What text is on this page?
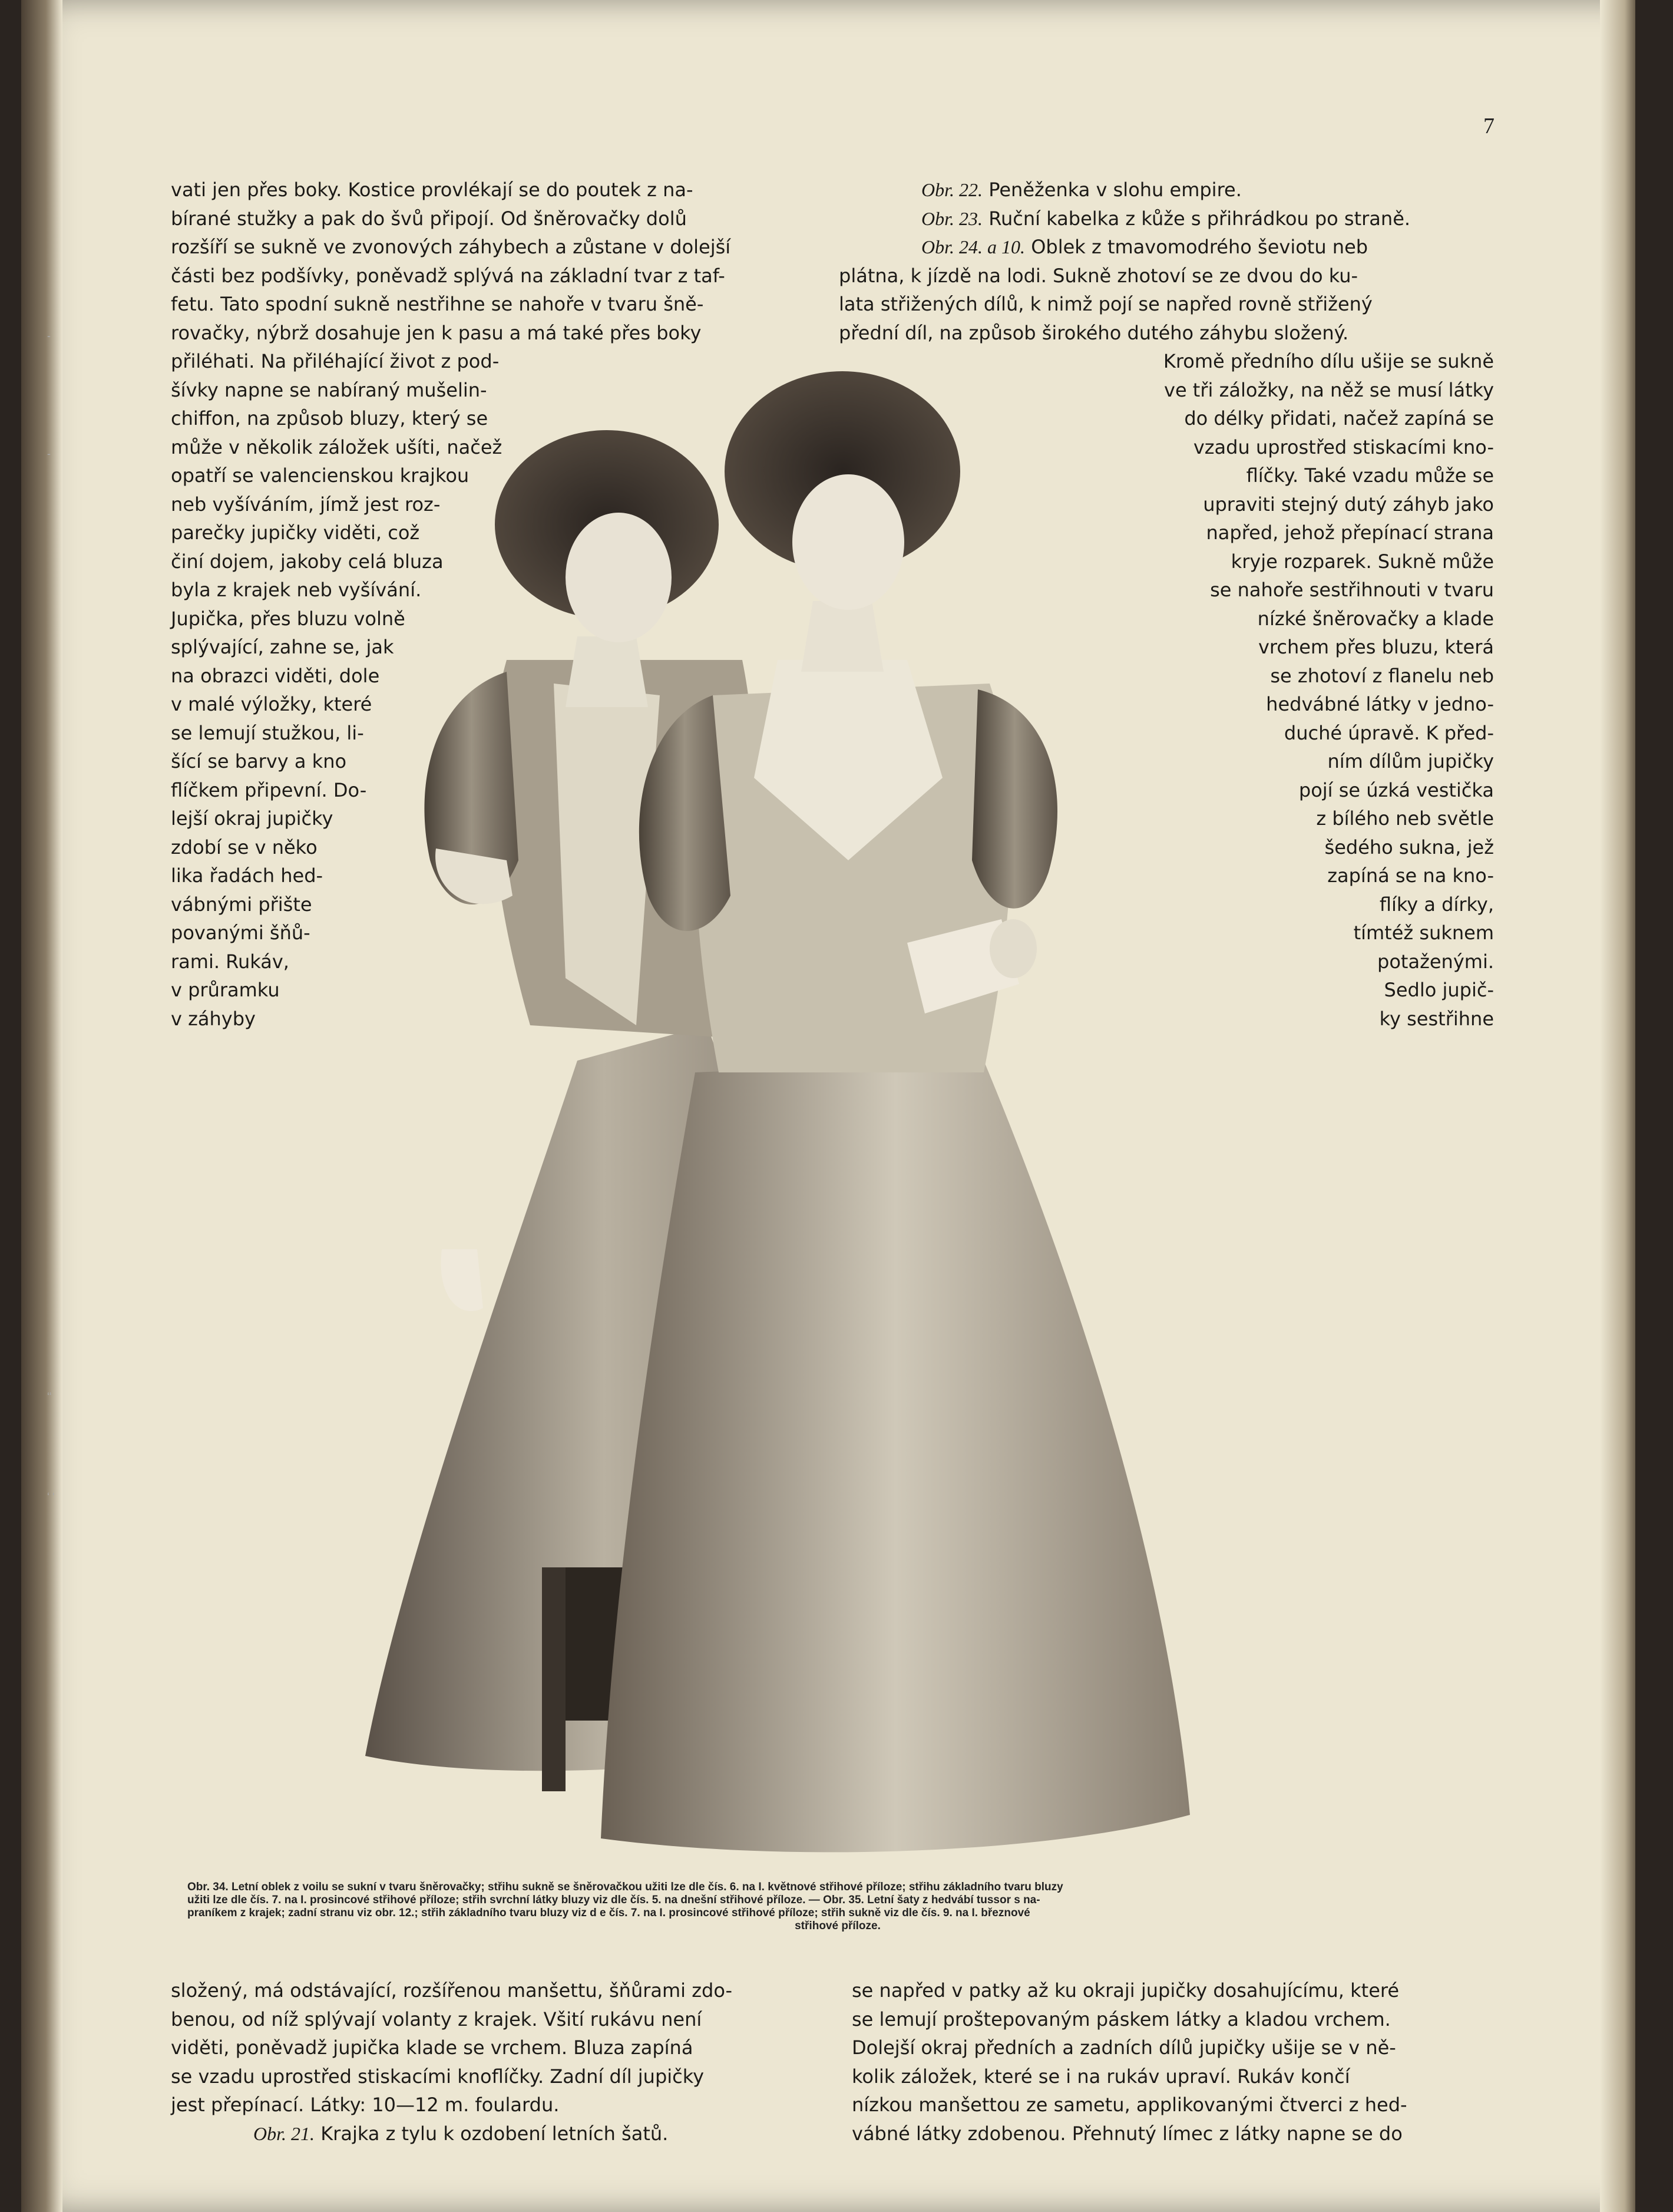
7
-
-
‘‘
‘ ‘

vati jen přes boky. Kostice provlékají se do poutek z na-

bírané stužky a pak do švů připojí. Od šněrovačky dolů

rozšíří se sukně ve zvonových záhybech a zůstane v dolejší

části bez podšívky, poněvadž splývá na základní tvar z taf-

fetu. Tato spodní sukně nestřihne se nahoře v tvaru šně-

rovačky, nýbrž dosahuje jen k pasu a má také přes boky

přiléhati. Na přiléhající život z pod-

šívky napne se nabíraný mušelin-

chiffon, na způsob bluzy, který se

může v několik záložek ušíti, načež

opatří se valencienskou krajkou

neb vyšíváním, jímž jest roz-

parečky jupičky viděti, což

činí dojem, jakoby celá bluza

byla z krajek neb vyšívání.

Jupička, přes bluzu volně

splývající, zahne se, jak

na obrazci viděti, dole

v malé výložky, které

se lemují stužkou, li-

šící se barvy a kno

flíčkem připevní. Do-

lejší okraj jupičky

zdobí se v něko

lika řadách hed-

vábnými přište

povanými šňů-

rami. Rukáv,

v průramku

v záhyby

Obr. 22. Peněženka v slohu empire.

Obr. 23. Ruční kabelka z kůže s přihrádkou po straně.

Obr. 24. a 10. Oblek z tmavomodrého ševiotu neb

plátna, k jízdě na lodi. Sukně zhotoví se ze dvou do ku-

lata střižených dílů, k nimž pojí se napřed rovně střižený

přední díl, na způsob širokého dutého záhybu složený.

Kromě předního dílu ušije se sukně

ve tři záložky, na něž se musí látky

do délky přidati, načež zapíná se

vzadu uprostřed stiskacími kno-

flíčky. Také vzadu může se

upraviti stejný dutý záhyb jako

napřed, jehož přepínací strana

kryje rozparek. Sukně může

se nahoře sestřihnouti v tvaru

nízké šněrovačky a klade

vrchem přes bluzu, která

se zhotoví z flanelu neb

hedvábné látky v jedno-

duché úpravě. K před-

ním dílům jupičky

pojí se úzká vestička

z bílého neb světle

šedého sukna, jež

zapíná se na kno-

flíky a dírky,

tímtéž suknem

potaženými.

Sedlo jupič-

ky sestřihne

Obr. 34. Letní oblek z voilu se sukní v tvaru šněrovačky; střihu sukně se šněrovačkou užiti lze dle čís. 6. na I. květnové střihové příloze; střihu základního tvaru bluzy

užiti lze dle čís. 7. na I. prosincové střihové příloze; střih svrchní látky bluzy viz dle čís. 5. na dnešní střihové příloze. — Obr. 35. Letní šaty z hedvábí tussor s na-

praníkem z krajek; zadní stranu viz obr. 12.; střih základního tvaru bluzy viz d e čís. 7. na I. prosincové střihové příloze; střih sukně viz dle čís. 9. na I. březnové

střihové příloze.

složený, má odstávající, rozšířenou manšettu, šňůrami zdo-

benou, od níž splývají volanty z krajek. Všití rukávu není

viděti, poněvadž jupička klade se vrchem. Bluza zapíná

se vzadu uprostřed stiskacími knoflíčky. Zadní díl jupičky

jest přepínací. Látky: 10—12 m. foulardu.

Obr. 21. Krajka z tylu k ozdobení letních šatů.

se napřed v patky až ku okraji jupičky dosahujícímu, které

se lemují proštepovaným páskem látky a kladou vrchem.

Dolejší okraj předních a zadních dílů jupičky ušije se v ně-

kolik záložek, které se i na rukáv upraví. Rukáv končí

nízkou manšettou ze sametu, applikovanými čtverci z hed-

vábné látky zdobenou. Přehnutý límec z látky napne se do
